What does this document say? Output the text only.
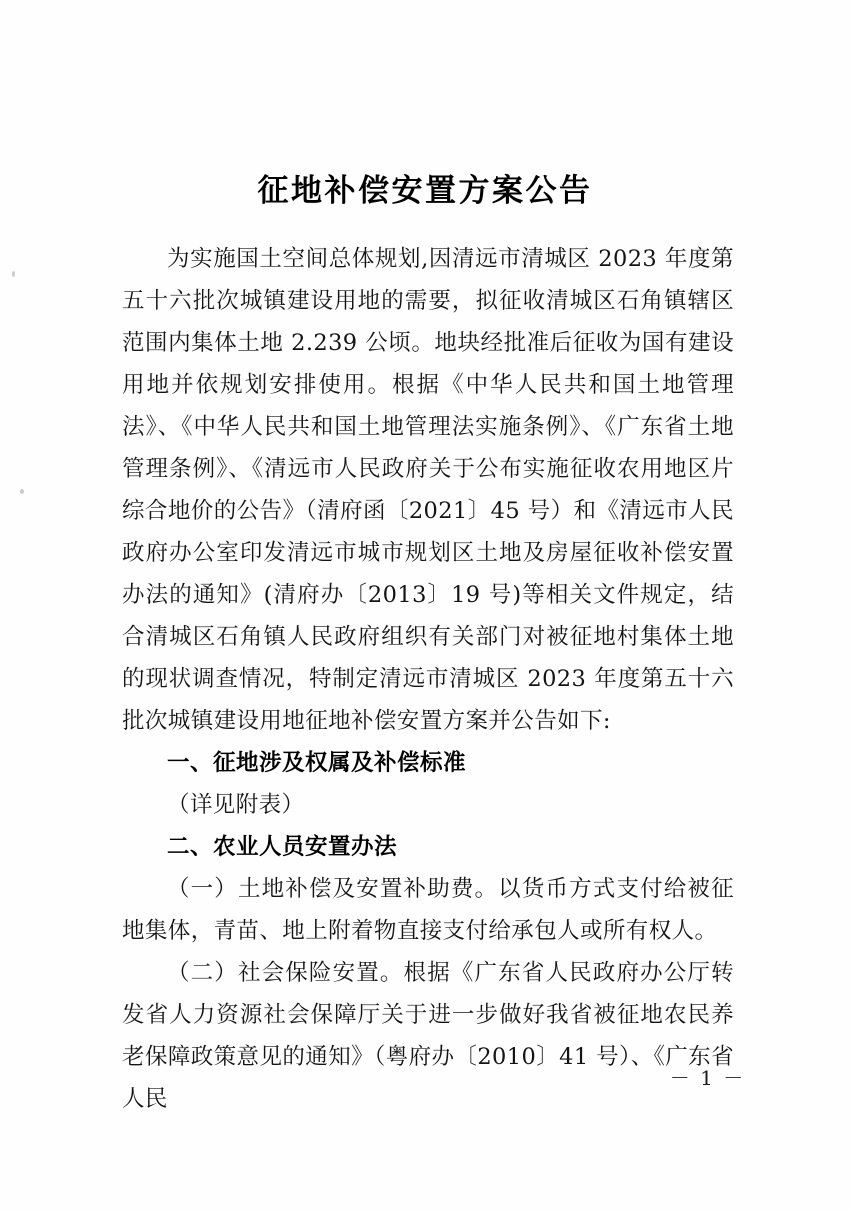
征地补偿安置方案公告

为实施国土空间总体规划,因清远市清城区 2023 年度第五十六批次城镇建设用地的需要，拟征收清城区石角镇辖区范围内集体土地 2.239 公顷。地块经批准后征收为国有建设用地并依规划安排使用。根据《中华人民共和国土地管理法》、《中华人民共和国土地管理法实施条例》、《广东省土地管理条例》、《清远市人民政府关于公布实施征收农用地区片综合地价的公告》（清府函〔2021〕45 号）和《清远市人民政府办公室印发清远市城市规划区土地及房屋征收补偿安置办法的通知》(清府办〔2013〕19 号)等相关文件规定，结合清城区石角镇人民政府组织有关部门对被征地村集体土地的现状调查情况，特制定清远市清城区 2023 年度第五十六批次城镇建设用地征地补偿安置方案并公告如下:

一、征地涉及权属及补偿标准

（详见附表）

二、农业人员安置办法

（一）土地补偿及安置补助费。以货币方式支付给被征地集体，青苗、地上附着物直接支付给承包人或所有权人。

（二）社会保险安置。根据《广东省人民政府办公厅转发省人力资源社会保障厅关于进一步做好我省被征地农民养老保障政策意见的通知》（粤府办〔2010〕41 号）、《广东省人民

－ 1 －
